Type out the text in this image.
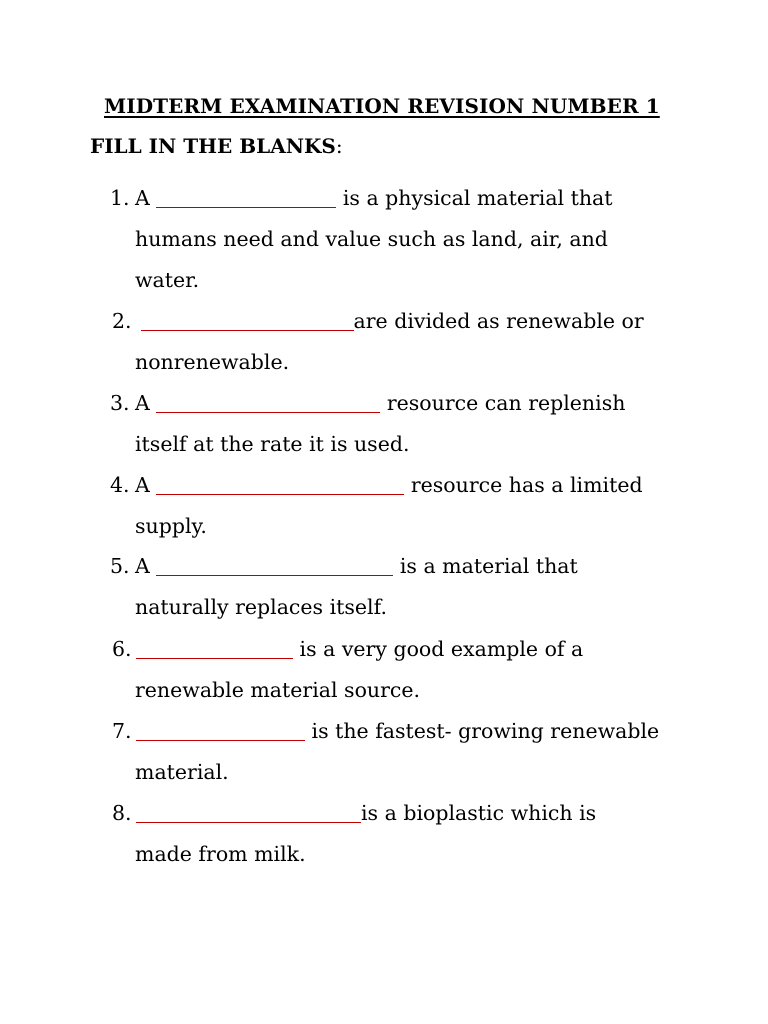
MIDTERM EXAMINATION REVISION NUMBER 1
FILL IN THE BLANKS:
1. A	is a physical material that
humans need and value such as land, air, and
water.
2.	are divided as renewable or
nonrenewable.
3. A	resource can replenish
itself at the rate it is used.
4. A	resource has a limited
supply.
5. A	is a material that
naturally replaces itself.
6.	is a very good example of a
renewable material source.
7.	is the fastest- growing renewable
material.
8.	is a bioplastic which is
made from milk.
